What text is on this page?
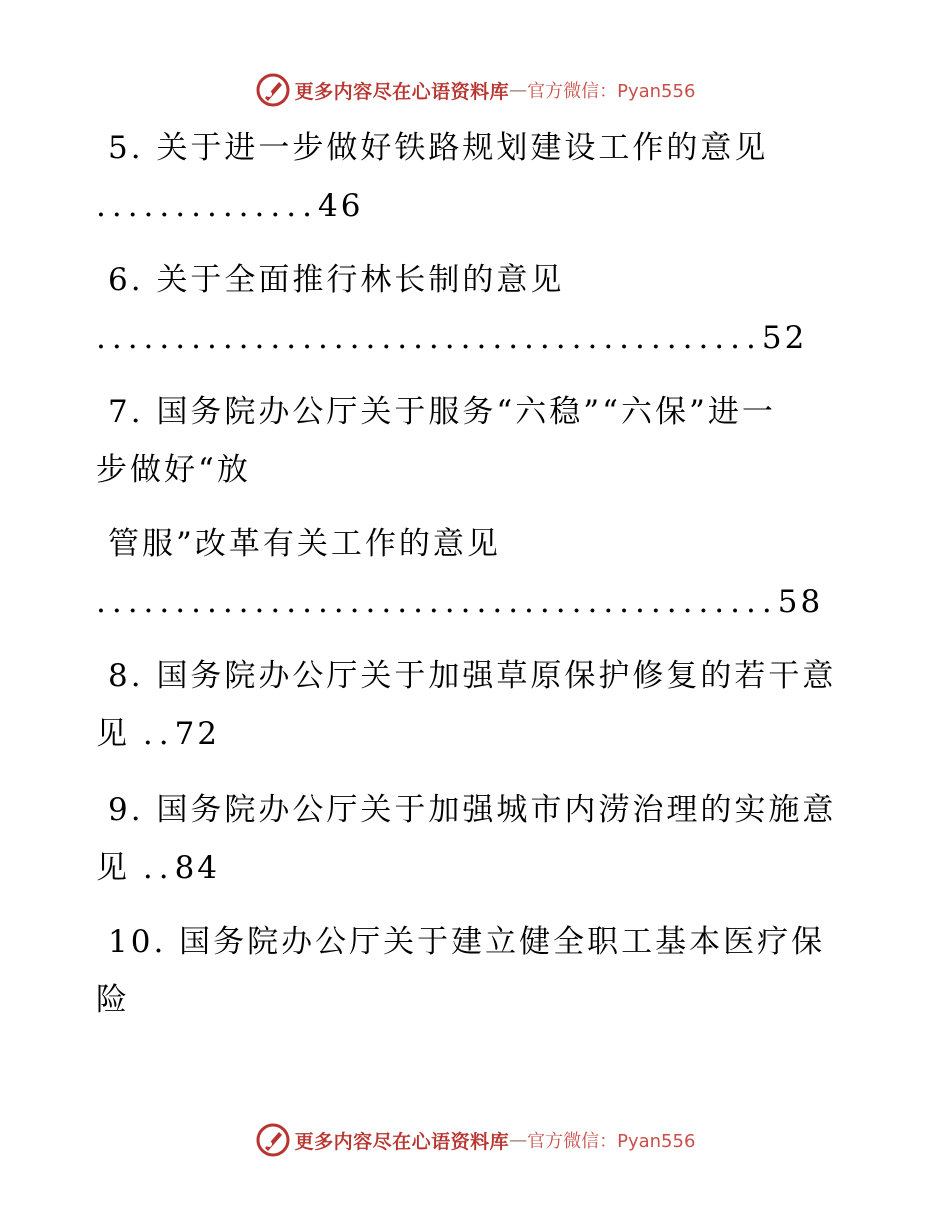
更多内容尽在心语资料库 — 官方微信：Pyan556
5. 关于进一步做好铁路规划建设工作的意见
..............46
6. 关于全面推行林长制的意见
..........................................52
7. 国务院办公厅关于服务“六稳”“六保”进一
步做好“放
管服”改革有关工作的意见
...........................................58
8. 国务院办公厅关于加强草原保护修复的若干意
见 ..72
9. 国务院办公厅关于加强城市内涝治理的实施意
见 ..84
10. 国务院办公厅关于建立健全职工基本医疗保
险
更多内容尽在心语资料库 — 官方微信：Pyan556
